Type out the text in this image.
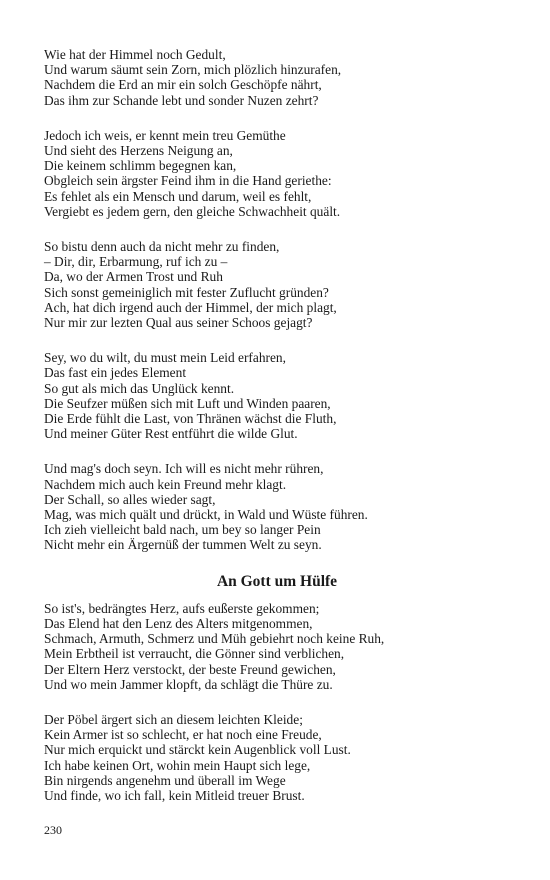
Wie hat der Himmel noch Gedult,
Und warum säumt sein Zorn, mich plözlich hinzurafen,
Nachdem die Erd an mir ein solch Geschöpfe nährt,
Das ihm zur Schande lebt und sonder Nuzen zehrt?
Jedoch ich weis, er kennt mein treu Gemüthe
Und sieht des Herzens Neigung an,
Die keinem schlimm begegnen kan,
Obgleich sein ärgster Feind ihm in die Hand geriethe:
Es fehlet als ein Mensch und darum, weil es fehlt,
Vergiebt es jedem gern, den gleiche Schwachheit quält.
So bistu denn auch da nicht mehr zu finden,
– Dir, dir, Erbarmung, ruf ich zu –
Da, wo der Armen Trost und Ruh
Sich sonst gemeiniglich mit fester Zuflucht gründen?
Ach, hat dich irgend auch der Himmel, der mich plagt,
Nur mir zur lezten Qual aus seiner Schoos gejagt?
Sey, wo du wilt, du must mein Leid erfahren,
Das fast ein jedes Element
So gut als mich das Unglück kennt.
Die Seufzer müßen sich mit Luft und Winden paaren,
Die Erde fühlt die Last, von Thränen wächst die Fluth,
Und meiner Güter Rest entführt die wilde Glut.
Und mag's doch seyn. Ich will es nicht mehr rühren,
Nachdem mich auch kein Freund mehr klagt.
Der Schall, so alles wieder sagt,
Mag, was mich quält und drückt, in Wald und Wüste führen.
Ich zieh vielleicht bald nach, um bey so langer Pein
Nicht mehr ein Ärgernüß der tummen Welt zu seyn.
An Gott um Hülfe
So ist's, bedrängtes Herz, aufs eußerste gekommen;
Das Elend hat den Lenz des Alters mitgenommen,
Schmach, Armuth, Schmerz und Müh gebiehrt noch keine Ruh,
Mein Erbtheil ist verraucht, die Gönner sind verblichen,
Der Eltern Herz verstockt, der beste Freund gewichen,
Und wo mein Jammer klopft, da schlägt die Thüre zu.
Der Pöbel ärgert sich an diesem leichten Kleide;
Kein Armer ist so schlecht, er hat noch eine Freude,
Nur mich erquickt und stärckt kein Augenblick voll Lust.
Ich habe keinen Ort, wohin mein Haupt sich lege,
Bin nirgends angenehm und überall im Wege
Und finde, wo ich fall, kein Mitleid treuer Brust.
230
